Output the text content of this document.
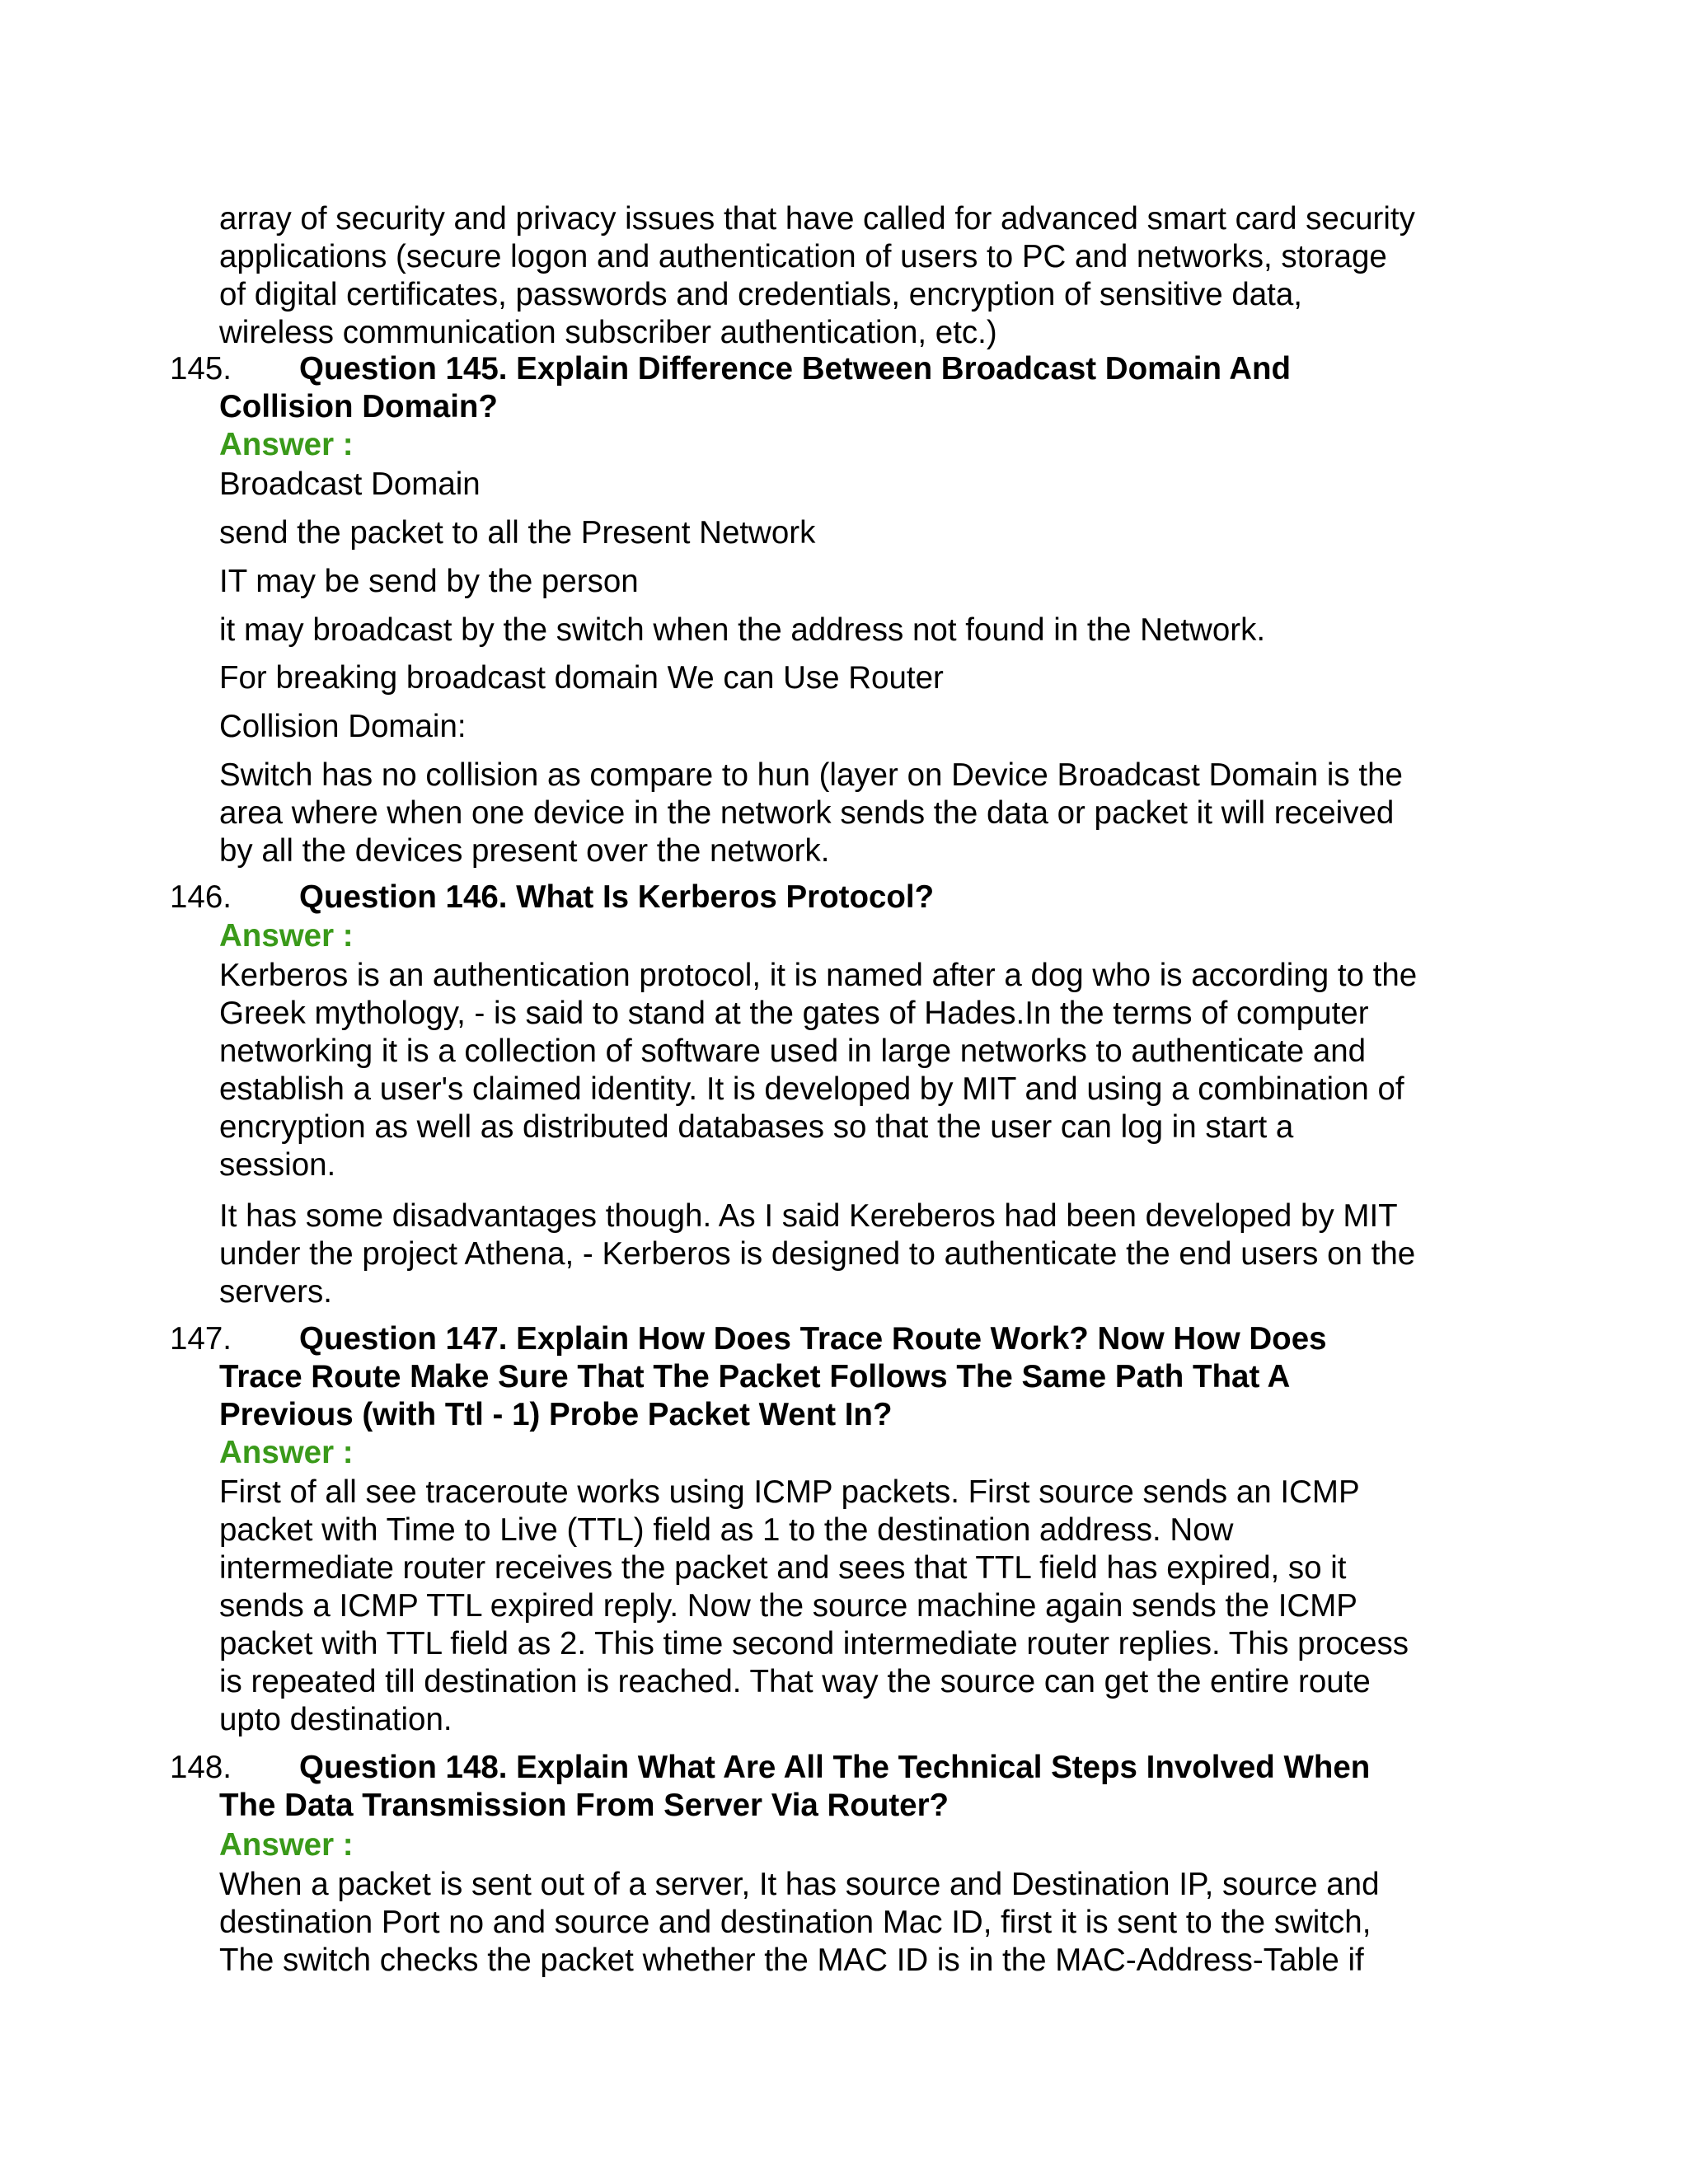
array of security and privacy issues that have called for advanced smart card security
applications (secure logon and authentication of users to PC and networks, storage
of digital certificates, passwords and credentials, encryption of sensitive data,
wireless communication subscriber authentication, etc.)

145.	Question 145. Explain Difference Between Broadcast Domain And
Collision Domain?

Answer :

Broadcast Domain

send the packet to all the Present Network

IT may be send by the person

it may broadcast by the switch when the address not found in the Network.

For breaking broadcast domain We can Use Router

Collision Domain:

Switch has no collision as compare to hun (layer on Device Broadcast Domain is the
area where when one device in the network sends the data or packet it will received
by all the devices present over the network.

146.	Question 146. What Is Kerberos Protocol?

Answer :

Kerberos is an authentication protocol, it is named after a dog who is according to the
Greek mythology, - is said to stand at the gates of Hades.In the terms of computer
networking it is a collection of software used in large networks to authenticate and
establish a user's claimed identity. It is developed by MIT and using a combination of
encryption as well as distributed databases so that the user can log in start a
session.

It has some disadvantages though. As I said Kereberos had been developed by MIT
under the project Athena, - Kerberos is designed to authenticate the end users on the
servers.

147.	Question 147. Explain How Does Trace Route Work? Now How Does
Trace Route Make Sure That The Packet Follows The Same Path That A
Previous (with Ttl - 1) Probe Packet Went In?

Answer :

First of all see traceroute works using ICMP packets. First source sends an ICMP
packet with Time to Live (TTL) field as 1 to the destination address. Now
intermediate router receives the packet and sees that TTL field has expired, so it
sends a ICMP TTL expired reply. Now the source machine again sends the ICMP
packet with TTL field as 2. This time second intermediate router replies. This process
is repeated till destination is reached. That way the source can get the entire route
upto destination.

148.	Question 148. Explain What Are All The Technical Steps Involved When
The Data Transmission From Server Via Router?

Answer :

When a packet is sent out of a server, It has source and Destination IP, source and
destination Port no and source and destination Mac ID, first it is sent to the switch,
The switch checks the packet whether the MAC ID is in the MAC-Address-Table if
